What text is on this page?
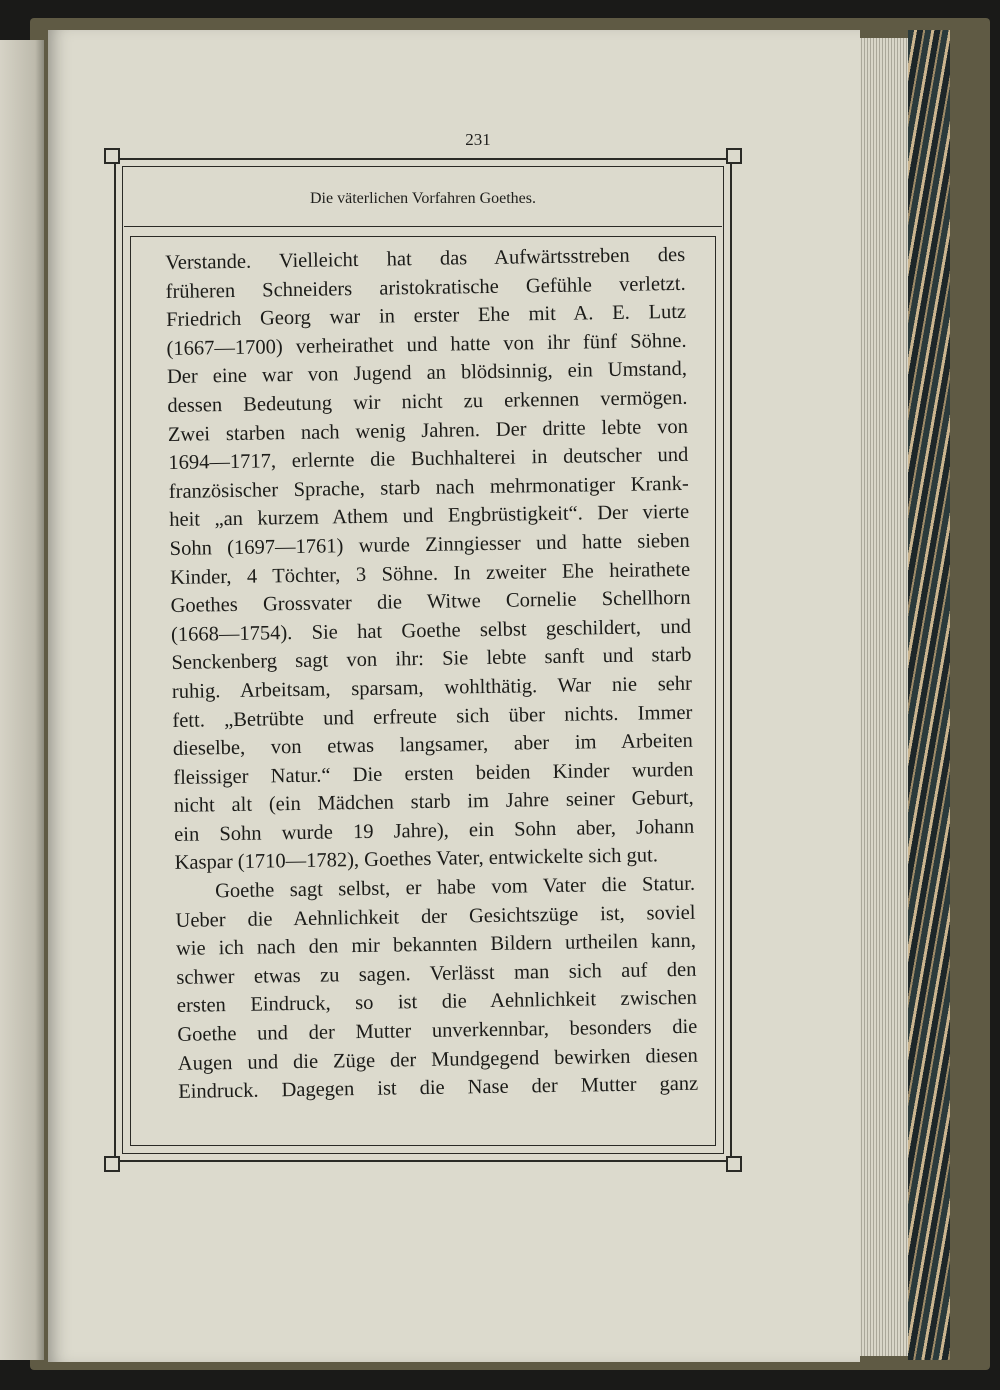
231
Die väterlichen Vorfahren Goethes.
Verstande. Vielleicht hat das Aufwärtsstreben des
früheren Schneiders aristokratische Gefühle verletzt.
Friedrich Georg war in erster Ehe mit A. E. Lutz
(1667—1700) verheirathet und hatte von ihr fünf Söhne.
Der eine war von Jugend an blödsinnig, ein Umstand,
dessen Bedeutung wir nicht zu erkennen vermögen.
Zwei starben nach wenig Jahren. Der dritte lebte von
1694—1717, erlernte die Buchhalterei in deutscher und
französischer Sprache, starb nach mehrmonatiger Krank-
heit „an kurzem Athem und Engbrüstigkeit“. Der vierte
Sohn (1697—1761) wurde Zinngiesser und hatte sieben
Kinder, 4 Töchter, 3 Söhne. In zweiter Ehe heirathete
Goethes Grossvater die Witwe Cornelie Schellhorn
(1668—1754). Sie hat Goethe selbst geschildert, und
Senckenberg sagt von ihr: Sie lebte sanft und starb
ruhig. Arbeitsam, sparsam, wohlthätig. War nie sehr
fett. „Betrübte und erfreute sich über nichts. Immer
dieselbe, von etwas langsamer, aber im Arbeiten
fleissiger Natur.“ Die ersten beiden Kinder wurden
nicht alt (ein Mädchen starb im Jahre seiner Geburt,
ein Sohn wurde 19 Jahre), ein Sohn aber, Johann
Kaspar (1710—1782), Goethes Vater, entwickelte sich gut.
Goethe sagt selbst, er habe vom Vater die Statur.
Ueber die Aehnlichkeit der Gesichtszüge ist, soviel
wie ich nach den mir bekannten Bildern urtheilen kann,
schwer etwas zu sagen. Verlässt man sich auf den
ersten Eindruck, so ist die Aehnlichkeit zwischen
Goethe und der Mutter unverkennbar, besonders die
Augen und die Züge der Mundgegend bewirken diesen
Eindruck. Dagegen ist die Nase der Mutter ganz
